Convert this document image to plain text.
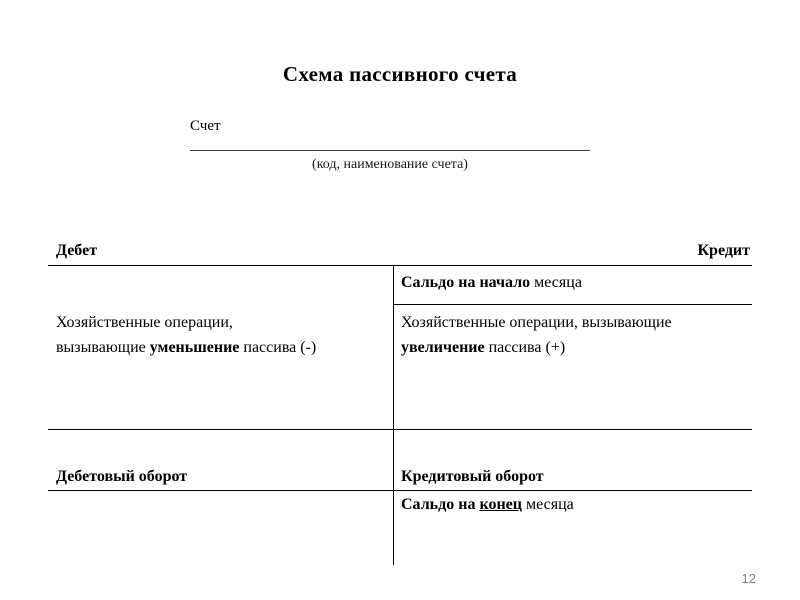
Схема пассивного счета
Счет
(код, наименование счета)
Дебет	Кредит
Сальдо на начало месяца
Хозяйственные операции,
вызывающие уменьшение пассива (-)
Хозяйственные операции, вызывающие
увеличение пассива (+)
Дебетовый оборот	Кредитовый оборот
Сальдо на конец месяца
12
